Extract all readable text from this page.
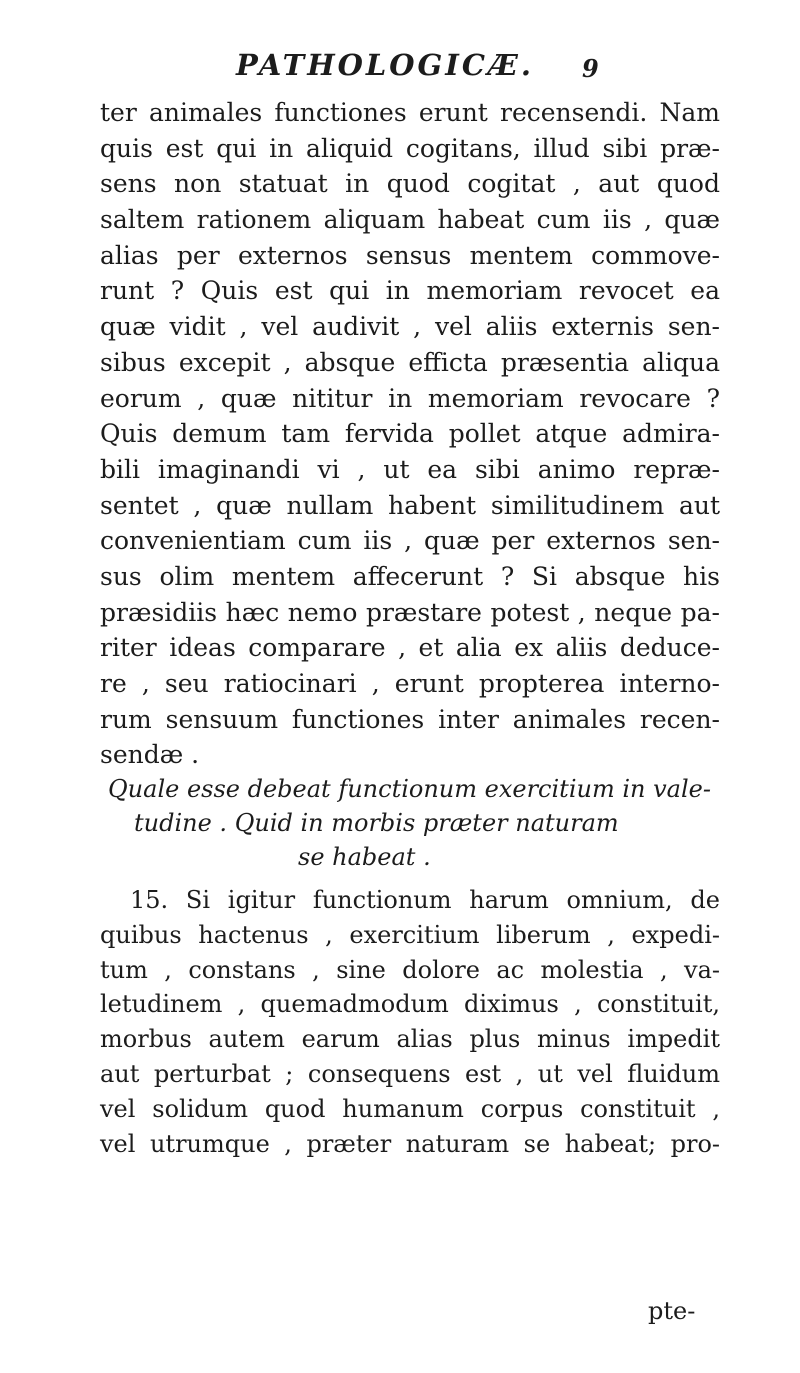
PATHOLOGICÆ. 9
ter animales functiones erunt recensendi. Nam
quis est qui in aliquid cogitans, illud sibi præ-
sens non statuat in quod cogitat , aut quod
saltem rationem aliquam habeat cum iis , quæ
alias per externos sensus mentem commove-
runt ? Quis est qui in memoriam revocet ea
quæ vidit , vel audivit , vel aliis externis sen-
sibus excepit , absque effiᴄta præsentia aliqua
eorum , quæ nititur in memoriam revocare ?
Quis demum tam fervida pollet atque admira-
bili imaginandi vi , ut ea sibi animo repræ-
sentet , quæ nullam habent similitudinem aut
convenientiam cum iis , quæ per externos sen-
sus olim mentem affecerunt ? Si absque his
præsidiis hæc nemo præstare potest , neque pa-
riter ideas comparare , et alia ex aliis deduce-
re , seu ratiocinari , erunt propterea interno-
rum sensuum functiones inter animales recen-
sendæ .
Quale esse debeat functionum exercitium in vale-
tudine . Quid in morbis præter naturam
se habeat .
15. Si igitur functionum harum omnium, de
quibus hactenus , exercitium liberum , expedi-
tum , constans , sine dolore ac molestia , va-
letudinem , quemadmodum diximus , constituit,
morbus autem earum alias plus minus impedit
aut perturbat ; consequens est , ut vel fluidum
vel solidum quod humanum corpus constituit ,
vel utrumque , præter naturam se habeat; pro-
pte-
